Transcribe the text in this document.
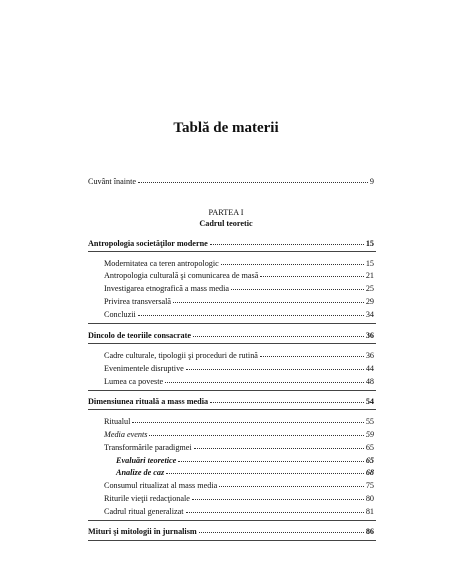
Tablă de materii
Cuvânt înainte	9
PARTEA I
Cadrul teoretic
Antropologia societăţilor moderne	15
Modernitatea ca teren antropologic	15
Antropologia culturală şi comunicarea de masă	21
Investigarea etnografică a mass media	25
Privirea transversală	29
Concluzii	34
Dincolo de teoriile consacrate	36
Cadre culturale, tipologii şi proceduri de rutină	36
Evenimentele disruptive	44
Lumea ca poveste	48
Dimensiunea rituală a mass media	54
Ritualul	55
Media events	59
Transformările paradigmei	65
Evaluări teoretice	65
Analize de caz	68
Consumul ritualizat al mass media	75
Riturile vieţii redacţionale	80
Cadrul ritual generalizat	81
Mituri şi mitologii în jurnalism	86
